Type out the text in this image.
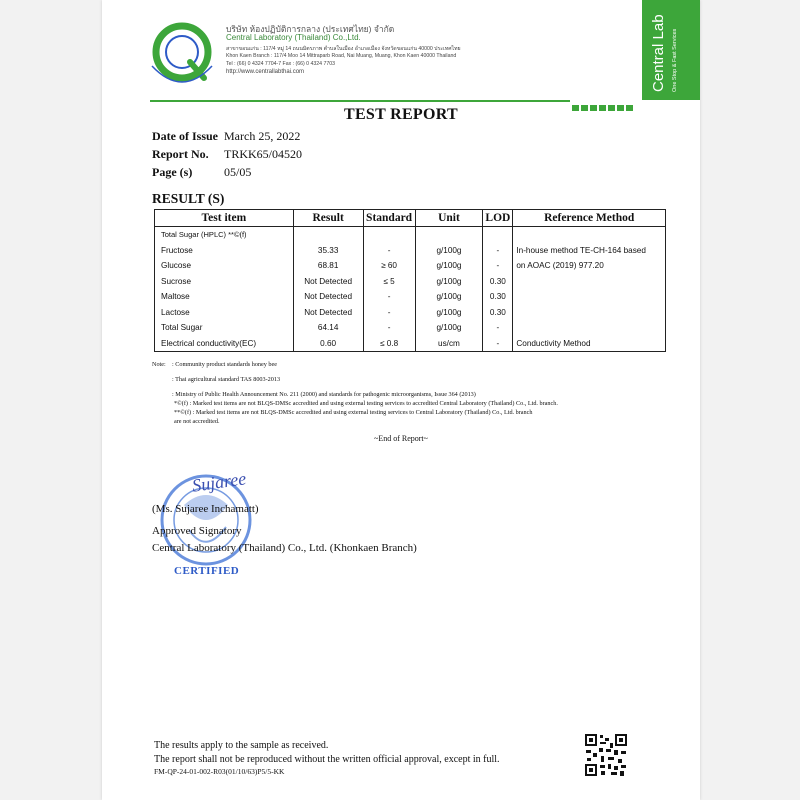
บริษัท ห้องปฏิบัติการกลาง (ประเทศไทย) จำกัด
Central Laboratory (Thailand) Co.,Ltd.
สาขาขอนแก่น : 117/4 หมู่ 14 ถนนมิตรภาพ ตำบลในเมือง อำเภอเมือง จังหวัดขอนแก่น 40000 ประเทศไทย
Khon Kaen Branch : 117/4 Moo 14 Mittraparb Road, Nai Muang, Muang, Khon Kaen 40000 Thailand
Tel : (66) 0 4324 7704-7 Fax : (66) 0 4324 7703
http://www.centrallabthai.com	Central Lab One Stop & Fast Services
TEST REPORT
Date of Issue March 25, 2022
Report No. TRKK65/04520
Page (s)	05/05
RESULT (S)
Test item	Result	Standard	Unit	LOD	Reference Method
Total Sugar (HPLC) **©(f)					
Fructose	35.33	-	g/100g	-	In-house method TE-CH-164 based
Glucose	68.81	≥ 60	g/100g	-	on AOAC (2019) 977.20
Sucrose	Not Detected	≤ 5	g/100g	0.30	
Maltose	Not Detected	-	g/100g	0.30	
Lactose	Not Detected	-	g/100g	0.30	
Total Sugar	64.14	-	g/100g	-	
Electrical conductivity(EC)	0.60	≤ 0.8	us/cm	-	Conductivity Method
Note: : Community product standards honey bee
: Thai agricultural standard TAS 8003-2013
: Ministry of Public Health Announcement No. 211 (2000) and standards for pathogenic microorganisms, Issue 364 (2013)
*©(f) : Marked test items are not BLQS-DMSc accredited and using external testing services to accredited Central Laboratory (Thailand) Co., Ltd. branch.
**©(f) : Marked test items are not BLQS-DMSc accredited and using external testing services to Central Laboratory (Thailand) Co., Ltd. branch
are not accredited.
~End of Report~
Sujaree
(Ms. Sujaree Inchamatt)
Approved Signatory
Central Laboratory (Thailand) Co., Ltd. (Khonkaen Branch)
CERTIFIED
The results apply to the sample as received.
The report shall not be reproduced without the written official approval, except in full.
FM-QP-24-01-002-R03(01/10/63)P5/5-KK
